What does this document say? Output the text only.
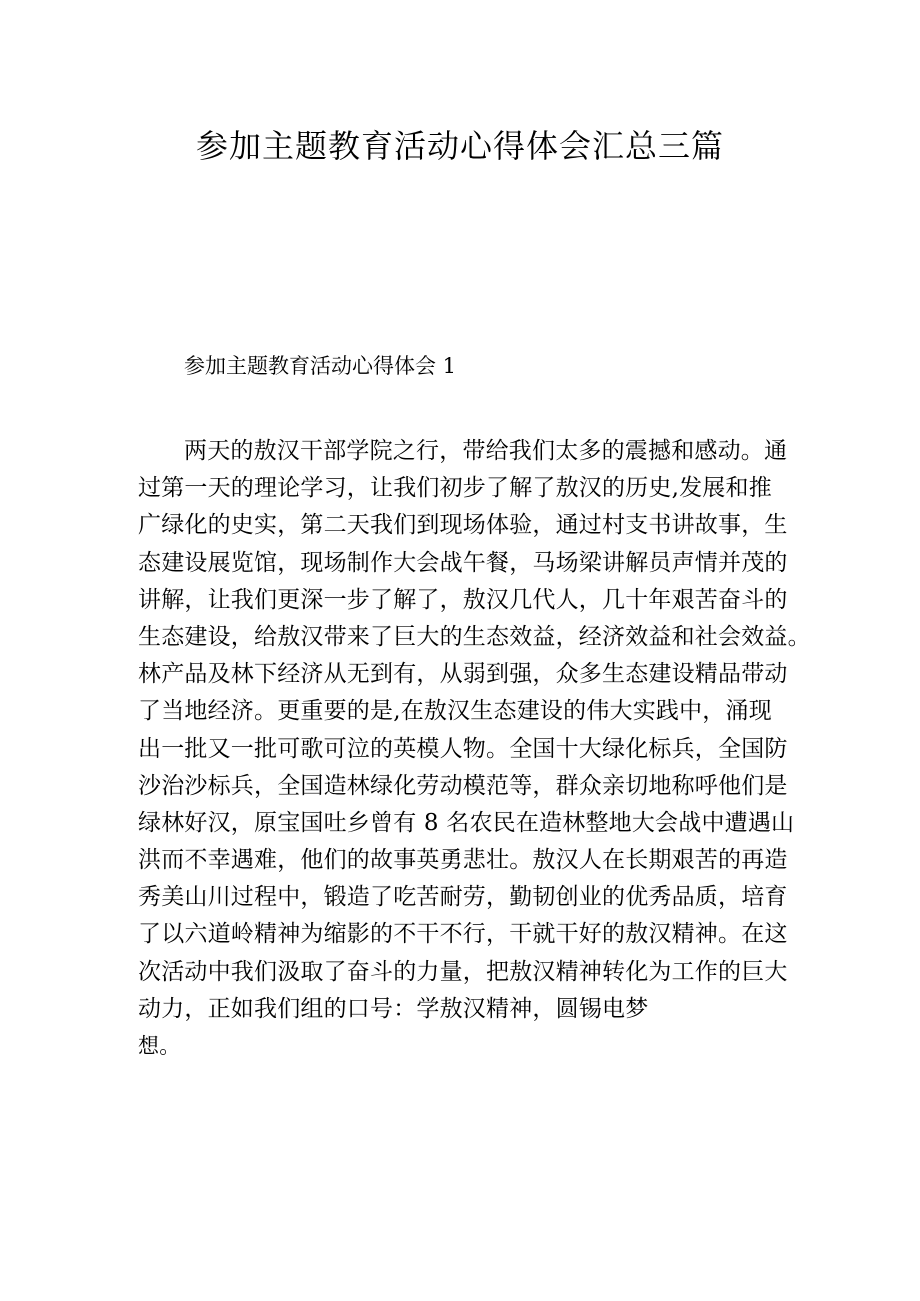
参加主题教育活动心得体会汇总三篇
参加主题教育活动心得体会 1
两天的敖汉干部学院之行，带给我们太多的震撼和感动。通
过第一天的理论学习，让我们初步了解了敖汉的历史,发展和推
广绿化的史实，第二天我们到现场体验，通过村支书讲故事，生
态建设展览馆，现场制作大会战午餐，马场梁讲解员声情并茂的
讲解，让我们更深一步了解了，敖汉几代人，几十年艰苦奋斗的
生态建设，给敖汉带来了巨大的生态效益，经济效益和社会效益。
林产品及林下经济从无到有，从弱到强，众多生态建设精品带动
了当地经济。更重要的是,在敖汉生态建设的伟大实践中，涌现
出一批又一批可歌可泣的英模人物。全国十大绿化标兵，全国防
沙治沙标兵，全国造林绿化劳动模范等，群众亲切地称呼他们是
绿林好汉，原宝国吐乡曾有 8 名农民在造林整地大会战中遭遇山
洪而不幸遇难，他们的故事英勇悲壮。敖汉人在长期艰苦的再造
秀美山川过程中，锻造了吃苦耐劳，勤韧创业的优秀品质，培育
了以六道岭精神为缩影的不干不行，干就干好的敖汉精神。在这
次活动中我们汲取了奋斗的力量，把敖汉精神转化为工作的巨大
动力，正如我们组的口号：学敖汉精神，圆锡电梦
想。
